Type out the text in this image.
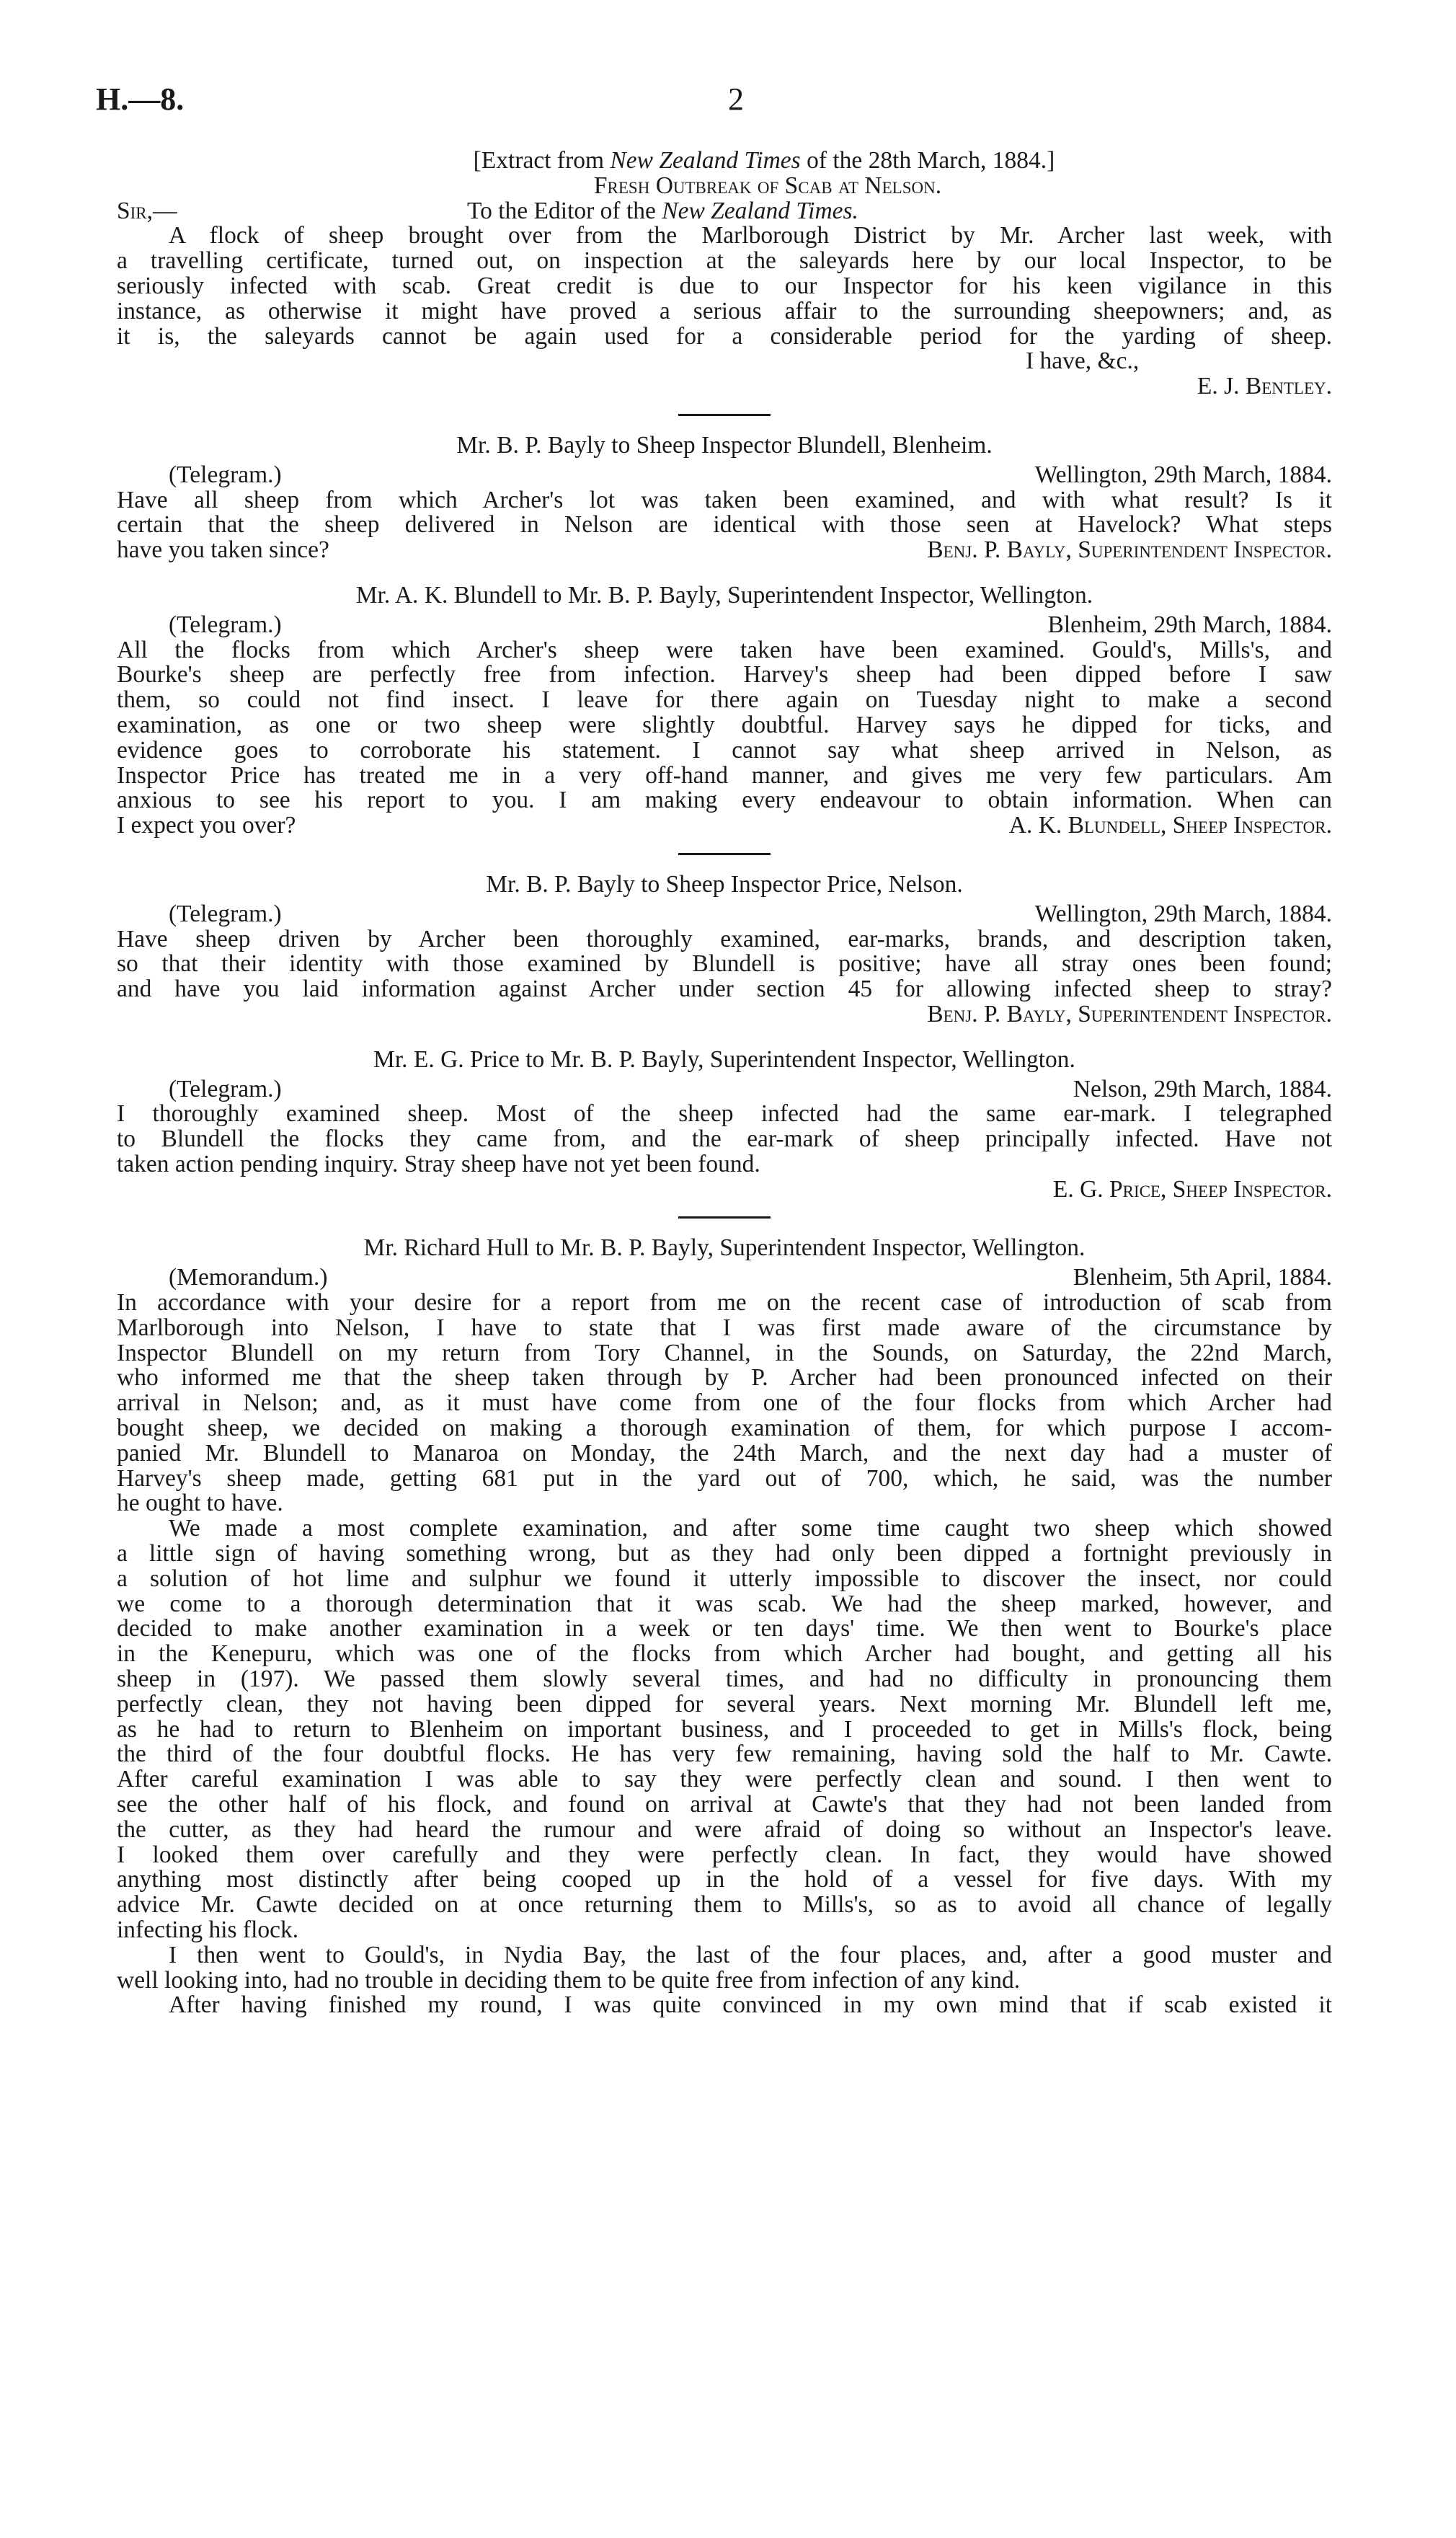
H.—8.	2
[Extract from New Zealand Times of the 28th March, 1884.]
Fresh Outbreak of Scab at Nelson.
Sir,—	To the Editor of the New Zealand Times.
A flock of sheep brought over from the Marlborough District by Mr. Archer last week, with
a travelling certificate, turned out, on inspection at the saleyards here by our local Inspector, to be
seriously infected with scab. Great credit is due to our Inspector for his keen vigilance in this
instance, as otherwise it might have proved a serious affair to the surrounding sheepowners; and, as
it is, the saleyards cannot be again used for a considerable period for the yarding of sheep.
I have, &c.,
E. J. Bentley.
Mr. B. P. Bayly to Sheep Inspector Blundell, Blenheim.
(Telegram.)	Wellington, 29th March, 1884.
Have all sheep from which Archer's lot was taken been examined, and with what result? Is it
certain that the sheep delivered in Nelson are identical with those seen at Havelock? What steps
have you taken since?	Benj. P. Bayly, Superintendent Inspector.
Mr. A. K. Blundell to Mr. B. P. Bayly, Superintendent Inspector, Wellington.
(Telegram.)	Blenheim, 29th March, 1884.
All the flocks from which Archer's sheep were taken have been examined. Gould's, Mills's, and
Bourke's sheep are perfectly free from infection. Harvey's sheep had been dipped before I saw
them, so could not find insect. I leave for there again on Tuesday night to make a second
examination, as one or two sheep were slightly doubtful. Harvey says he dipped for ticks, and
evidence goes to corroborate his statement. I cannot say what sheep arrived in Nelson, as
Inspector Price has treated me in a very off-hand manner, and gives me very few particulars. Am
anxious to see his report to you. I am making every endeavour to obtain information. When can
I expect you over?	A. K. Blundell, Sheep Inspector.
Mr. B. P. Bayly to Sheep Inspector Price, Nelson.
(Telegram.)	Wellington, 29th March, 1884.
Have sheep driven by Archer been thoroughly examined, ear-marks, brands, and description taken,
so that their identity with those examined by Blundell is positive; have all stray ones been found;
and have you laid information against Archer under section 45 for allowing infected sheep to stray?
Benj. P. Bayly, Superintendent Inspector.
Mr. E. G. Price to Mr. B. P. Bayly, Superintendent Inspector, Wellington.
(Telegram.)	Nelson, 29th March, 1884.
I thoroughly examined sheep. Most of the sheep infected had the same ear-mark. I telegraphed
to Blundell the flocks they came from, and the ear-mark of sheep principally infected. Have not
taken action pending inquiry. Stray sheep have not yet been found.
E. G. Price, Sheep Inspector.
Mr. Richard Hull to Mr. B. P. Bayly, Superintendent Inspector, Wellington.
(Memorandum.)	Blenheim, 5th April, 1884.
In accordance with your desire for a report from me on the recent case of introduction of scab from
Marlborough into Nelson, I have to state that I was first made aware of the circumstance by
Inspector Blundell on my return from Tory Channel, in the Sounds, on Saturday, the 22nd March,
who informed me that the sheep taken through by P. Archer had been pronounced infected on their
arrival in Nelson; and, as it must have come from one of the four flocks from which Archer had
bought sheep, we decided on making a thorough examination of them, for which purpose I accom-
panied Mr. Blundell to Manaroa on Monday, the 24th March, and the next day had a muster of
Harvey's sheep made, getting 681 put in the yard out of 700, which, he said, was the number
he ought to have.
We made a most complete examination, and after some time caught two sheep which showed
a little sign of having something wrong, but as they had only been dipped a fortnight previously in
a solution of hot lime and sulphur we found it utterly impossible to discover the insect, nor could
we come to a thorough determination that it was scab. We had the sheep marked, however, and
decided to make another examination in a week or ten days' time. We then went to Bourke's place
in the Kenepuru, which was one of the flocks from which Archer had bought, and getting all his
sheep in (197). We passed them slowly several times, and had no difficulty in pronouncing them
perfectly clean, they not having been dipped for several years. Next morning Mr. Blundell left me,
as he had to return to Blenheim on important business, and I proceeded to get in Mills's flock, being
the third of the four doubtful flocks. He has very few remaining, having sold the half to Mr. Cawte.
After careful examination I was able to say they were perfectly clean and sound. I then went to
see the other half of his flock, and found on arrival at Cawte's that they had not been landed from
the cutter, as they had heard the rumour and were afraid of doing so without an Inspector's leave.
I looked them over carefully and they were perfectly clean. In fact, they would have showed
anything most distinctly after being cooped up in the hold of a vessel for five days. With my
advice Mr. Cawte decided on at once returning them to Mills's, so as to avoid all chance of legally
infecting his flock.
I then went to Gould's, in Nydia Bay, the last of the four places, and, after a good muster and
well looking into, had no trouble in deciding them to be quite free from infection of any kind.
After having finished my round, I was quite convinced in my own mind that if scab existed it
